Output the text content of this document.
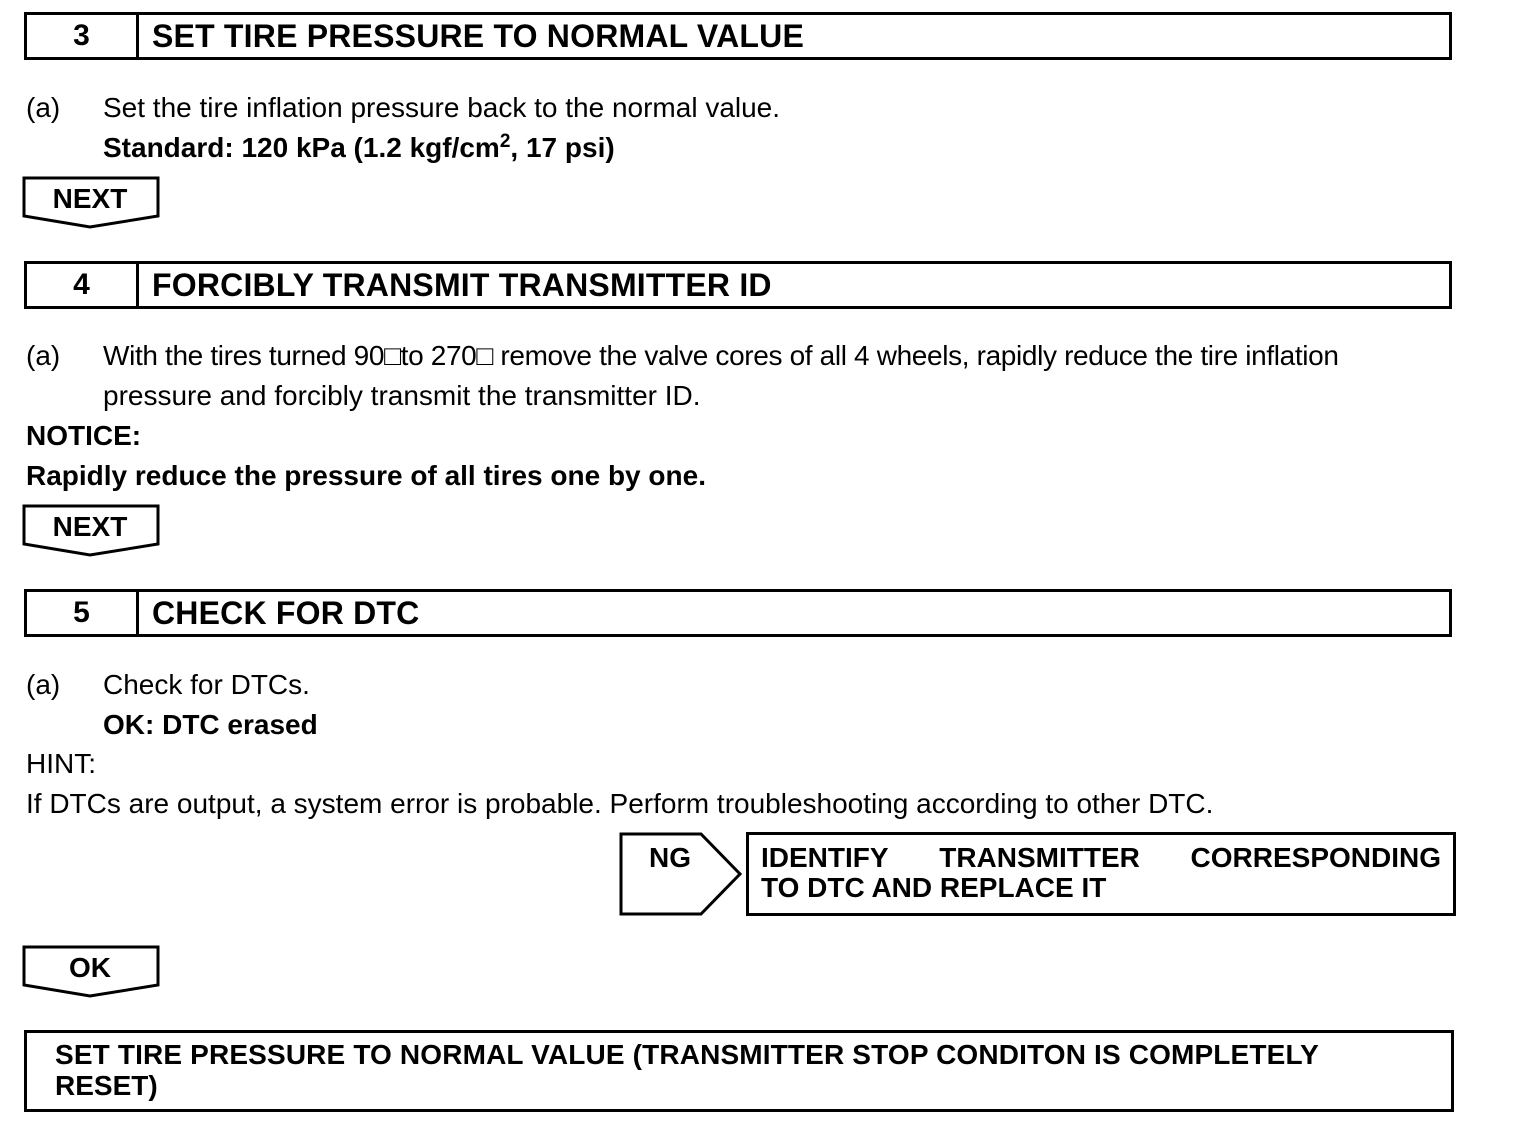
3	SET TIRE PRESSURE TO NORMAL VALUE
(a) Set the tire inflation pressure back to the normal value.
Standard: 120 kPa (1.2 kgf/$cm^2$, 17 psi)
NEXT
4	FORCIBLY TRANSMIT TRANSMITTER ID
(a) With the tires turned 90□to 270□ remove the valve cores of all 4 wheels, rapidly reduce the tire inflation
pressure and forcibly transmit the transmitter ID.
NOTICE:
Rapidly reduce the pressure of all tires one by one.
NEXT
5	CHECK FOR DTC
(a) Check for DTCs.
OK: DTC erased
HINT:
If DTCs are output, a system error is probable. Perform troubleshooting according to other DTC.
NG	IDENTIFY TRANSMITTER CORRESPONDING
TO DTC AND REPLACE IT
OK
SET TIRE PRESSURE TO NORMAL VALUE (TRANSMITTER STOP CONDITON IS COMPLETELY
RESET)
